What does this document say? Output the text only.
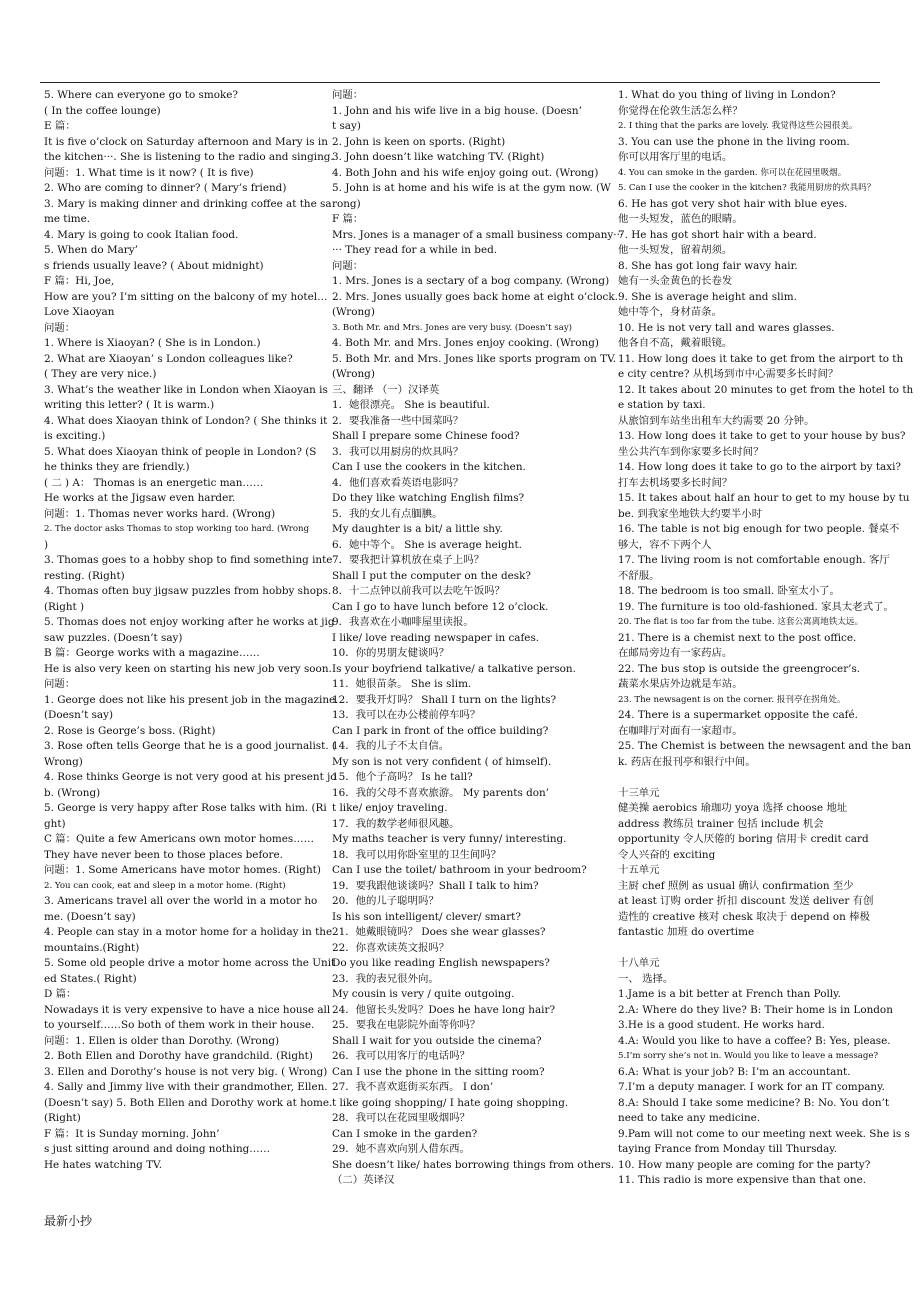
5. Where can everyone go to smoke?
( In the coffee lounge)
E 篇：
It is five o’clock on Saturday afternoon and Mary is in
the kitchen···. She is listening to the radio and singing.
问题：1. What time is it now? ( It is five)
2. Who are coming to dinner? ( Mary’s friend)
3. Mary is making dinner and drinking coffee at the sa
me time.
4. Mary is going to cook Italian food.
5. When do Mary’
s friends usually leave? ( About midnight)
F 篇：Hi, Joe,
How are you? I’m sitting on the balcony of my hotel…
Love Xiaoyan
问题：
1. Where is Xiaoyan? ( She is in London.)
2. What are Xiaoyan’ s London colleagues like?
( They are very nice.)
3. What’s the weather like in London when Xiaoyan is
writing this letter? ( It is warm.)
4. What does Xiaoyan think of London? ( She thinks it
is exciting.)
5. What does Xiaoyan think of people in London? (S
he thinks they are friendly.)
( 二 ) A： Thomas is an energetic man……
He works at the Jigsaw even harder.
问题：1. Thomas never works hard. (Wrong)
2. The doctor asks Thomas to stop working too hard. (Wrong
)
3. Thomas goes to a hobby shop to find something inte
resting. (Right)
4. Thomas often buy jigsaw puzzles from hobby shops.
(Right )
5. Thomas does not enjoy working after he works at jig
saw puzzles. (Doesn’t say)
B 篇：George works with a magazine……
He is also very keen on starting his new job very soon.
问题：
1. George does not like his present job in the magazine.
(Doesn’t say)
2. Rose is George’s boss. (Right)
3. Rose often tells George that he is a good journalist. (
Wrong)
4. Rose thinks George is not very good at his present jo
b. (Wrong)
5. George is very happy after Rose talks with him. (Ri
ght)
C 篇：Quite a few Americans own motor homes……
They have never been to those places before.
问题：1. Some Americans have motor homes. (Right)
2. You can cook, eat and sleep in a motor home. (Right)
3. Americans travel all over the world in a motor ho
me. (Doesn’t say)
4. People can stay in a motor home for a holiday in the
mountains.(Right)
5. Some old people drive a motor home across the Unit
ed States.( Right)
D 篇：
Nowadays it is very expensive to have a nice house all
to yourself……So both of them work in their house.
问题：1. Ellen is older than Dorothy. (Wrong)
2. Both Ellen and Dorothy have grandchild. (Right)
3. Ellen and Dorothy’s house is not very big. ( Wrong)
4. Sally and Jimmy live with their grandmother, Ellen.
(Doesn’t say) 5. Both Ellen and Dorothy work at home.
(Right)
F 篇：It is Sunday morning. John’
s just sitting around and doing nothing……
He hates watching TV.
问题：
1. John and his wife live in a big house. (Doesn’
t say)
2. John is keen on sports. (Right)
3. John doesn’t like watching TV. (Right)
4. Both John and his wife enjoy going out. (Wrong)
5. John is at home and his wife is at the gym now. (W
rong)
F 篇：
Mrs. Jones is a manager of a small business company···
··· They read for a while in bed.
问题：
1. Mrs. Jones is a sectary of a bog company. (Wrong)
2. Mrs. Jones usually goes back home at eight o’clock.
(Wrong)
3. Both Mr. and Mrs. Jones are very busy. (Doesn’t say)
4. Both Mr. and Mrs. Jones enjoy cooking. (Wrong)
5. Both Mr. and Mrs. Jones like sports program on TV.
(Wrong)
三、翻译 （一）汉译英
1．她很漂亮。 She is beautiful.
2．要我准备一些中国菜吗？
Shall I prepare some Chinese food?
3．我可以用厨房的炊具吗？
Can I use the cookers in the kitchen.
4．他们喜欢看英语电影吗？
Do they like watching English films?
5．我的女儿有点腼腆。
My daughter is a bit/ a little shy.
6．她中等个。 She is average height.
7．要我把计算机放在桌子上吗？
Shall I put the computer on the desk?
8．十二点钟以前我可以去吃午饭吗？
Can I go to have lunch before 12 o’clock.
9．我喜欢在小咖啡屋里读报。
I like/ love reading newspaper in cafes.
10．你的男朋友健谈吗？
Is your boyfriend talkative/ a talkative person.
11．她很苗条。 She is slim.
12．要我开灯吗？ Shall I turn on the lights?
13．我可以在办公楼前停车吗？
Can I park in front of the office building?
14．我的儿子不太自信。
My son is not very confident ( of himself).
15．他个子高吗？ Is he tall?
16．我的父母不喜欢旅游。 My parents don’
t like/ enjoy traveling.
17．我的数学老师很风趣。
My maths teacher is very funny/ interesting.
18．我可以用你卧室里的卫生间吗？
Can I use the toilet/ bathroom in your bedroom?
19．要我跟他谈谈吗？Shall I talk to him?
20．他的儿子聪明吗？
Is his son intelligent/ clever/ smart?
21．她戴眼镜吗？ Does she wear glasses?
22．你喜欢读英文报吗？
Do you like reading English newspapers?
23．我的表兄很外向。
My cousin is very / quite outgoing.
24．他留长头发吗？Does he have long hair?
25．要我在电影院外面等你吗？
Shall I wait for you outside the cinema?
26．我可以用客厅的电话吗？
Can I use the phone in the sitting room?
27．我不喜欢逛街买东西。 I don’
t like going shopping/ I hate going shopping.
28．我可以在花园里吸烟吗？
Can I smoke in the garden?
29．她不喜欢向别人借东西。
She doesn’t like/ hates borrowing things from others.
（二）英译汉
1. What do you thing of living in London?
你觉得在伦敦生活怎么样？
2. I thing that the parks are lovely. 我觉得这些公园很美。
3. You can use the phone in the living room.
你可以用客厅里的电话。
4. You can smoke in the garden. 你可以在花园里吸烟。
5. Can I use the cooker in the kitchen? 我能用厨房的炊具吗？
6. He has got very shot hair with blue eyes.
他一头短发，蓝色的眼睛。
7. He has got short hair with a beard.
他一头短发，留着胡须。
8. She has got long fair wavy hair.
她有一头金黄色的长卷发
9. She is average height and slim.
她中等个，身材苗条。
10. He is not very tall and wares glasses.
他各自不高，戴着眼镜。
11. How long does it take to get from the airport to th
e city centre? 从机场到市中心需要多长时间？
12. It takes about 20 minutes to get from the hotel to th
e station by taxi.
从旅馆到车站坐出租车大约需要 20 分钟。
13. How long does it take to get to your house by bus?
坐公共汽车到你家要多长时间？
14. How long does it take to go to the airport by taxi?
打车去机场要多长时间？
15. It takes about half an hour to get to my house by tu
be. 到我家坐地铁大约要半小时
16. The table is not big enough for two people. 餐桌不
够大，容不下两个人
17. The living room is not comfortable enough. 客厅
不舒服。
18. The bedroom is too small. 卧室太小了。
19. The furniture is too old-fashioned. 家具太老式了。
20. The flat is too far from the tube. 这套公寓离地铁太远。
21. There is a chemist next to the post office.
在邮局旁边有一家药店。
22. The bus stop is outside the greengrocer’s.
蔬菜水果店外边就是车站。
23. The newsagent is on the corner. 报刊亭在拐角处。
24. There is a supermarket opposite the café.
在咖啡厅对面有一家超市。
25. The Chemist is between the newsagent and the ban
k. 药店在报刊亭和银行中间。
十三单元
健美操 aerobics 瑜珈功 yoya 选择 choose 地址
address 教练员 trainer 包括 include 机会
opportunity 令人厌倦的 boring 信用卡 credit card
令人兴奋的 exciting
十五单元
主厨 chef 照例 as usual 确认 confirmation 至少
at least 订购 order 折扣 discount 发送 deliver 有创
造性的 creative 核对 chesk 取决于 depend on 棒极
fantastic 加班 do overtime
十八单元
一、 选择。
1.Jame is a bit better at French than Polly.
2.A: Where do they live? B: Their home is in London
3.He is a good student. He works hard.
4.A: Would you like to have a coffee? B: Yes, please.
5.I’m sorry she’s not in. Would you like to leave a message?
6.A: What is your job? B: I’m an accountant.
7.I’m a deputy manager. I work for an IT company.
8.A: Should I take some medicine? B: No. You don’t
need to take any medicine.
9.Pam will not come to our meeting next week. She is s
taying France from Monday till Thursday.
10. How many people are coming for the party?
11. This radio is more expensive than that one.
最新小抄
